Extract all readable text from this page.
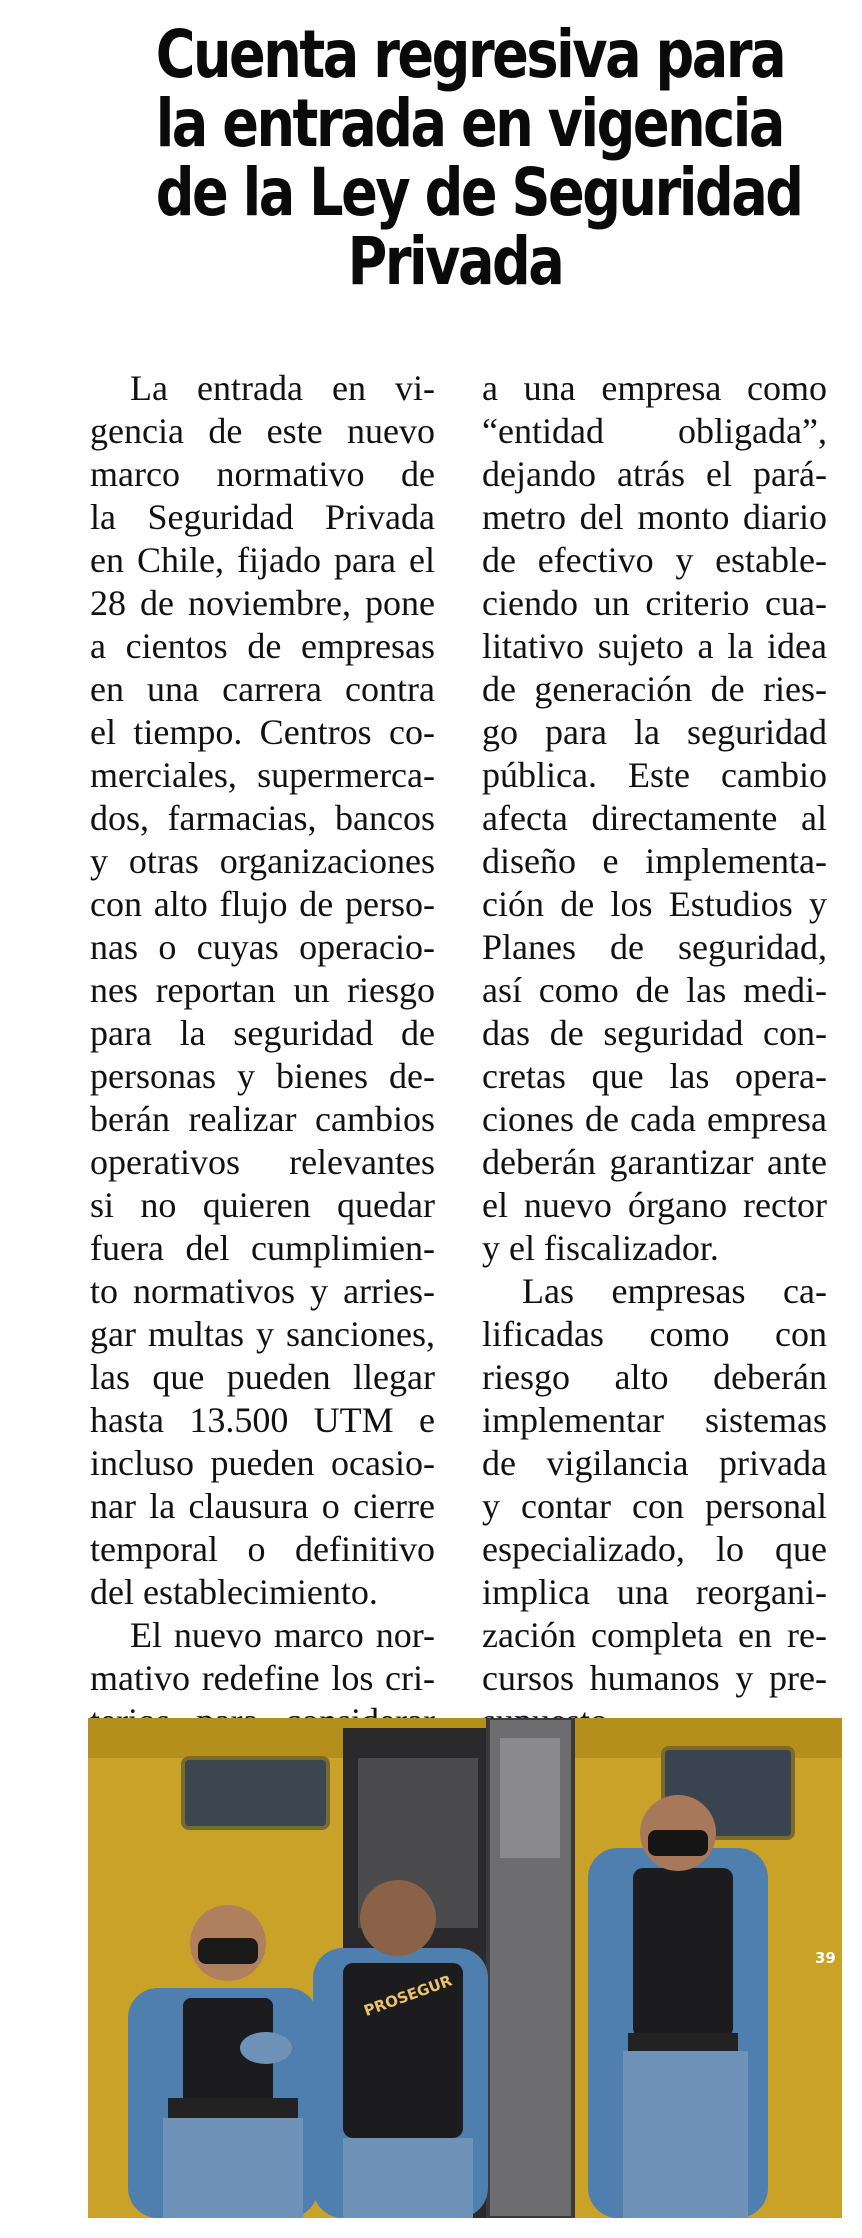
Cuenta regresiva para
la entrada en vigencia
de la Ley de Seguridad
Privada
La entrada en vi-
gencia de este nuevo
marco normativo de
la Seguridad Privada
en Chile, fijado para el
28 de noviembre, pone
a cientos de empresas
en una carrera contra
el tiempo. Centros co-
merciales, supermerca-
dos, farmacias, bancos
y otras organizaciones
con alto flujo de perso-
nas o cuyas operacio-
nes reportan un riesgo
para la seguridad de
personas y bienes de-
berán realizar cambios
operativos relevantes
si no quieren quedar
fuera del cumplimien-
to normativos y arries-
gar multas y sanciones,
las que pueden llegar
hasta 13.500 UTM e
incluso pueden ocasio-
nar la clausura o cierre
temporal o definitivo
del establecimiento.
El nuevo marco nor-
mativo redefine los cri-
a una empresa como
“entidad obligada”,
dejando atrás el pará-
metro del monto diario
de efectivo y estable-
ciendo un criterio cua-
litativo sujeto a la idea
de generación de ries-
go para la seguridad
pública. Este cambio
afecta directamente al
diseño e implementa-
ción de los Estudios y
Planes de seguridad,
así como de las medi-
das de seguridad con-
cretas que las opera-
ciones de cada empresa
deberán garantizar ante
el nuevo órgano rector
y el fiscalizador.
Las empresas ca-
lificadas como con
riesgo alto deberán
implementar sistemas
de vigilancia privada
y contar con personal
especializado, lo que
implica una reorgani-
zación completa en re-
cursos humanos y pre-
39
PROSEGUR
